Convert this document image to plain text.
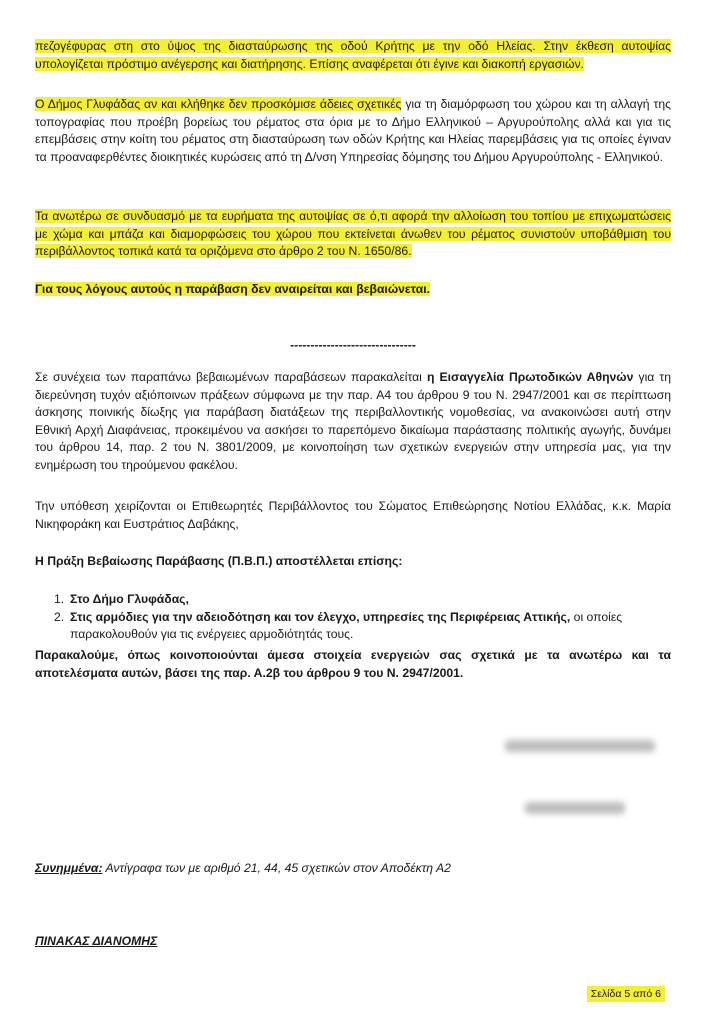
πεζογέφυρας στη στο ύψος της διασταύρωσης της οδού Κρήτης με την οδό Ηλείας. Στην έκθεση αυτοψίας υπολογίζεται πρόστιμο ανέγερσης και διατήρησης. Επίσης αναφέρεται ότι έγινε και διακοπή εργασιών.

Ο Δήμος Γλυφάδας αν και κλήθηκε δεν προσκόμισε άδειες σχετικές για τη διαμόρφωση του χώρου και τη αλλαγή της τοπογραφίας που προέβη βορείως του ρέματος στα όρια με το Δήμο Ελληνικού – Αργυρούπολης αλλά και για τις επεμβάσεις στην κοίτη του ρέματος στη διασταύρωση των οδών Κρήτης και Ηλείας παρεμβάσεις για τις οποίες έγιναν τα προαναφερθέντες διοικητικές κυρώσεις από τη Δ/νση Υπηρεσίας δόμησης του Δήμου Αργυρούπολης - Ελληνικού.

Τα ανωτέρω σε συνδυασμό με τα ευρήματα της αυτοψίας σε ό,τι αφορά την αλλοίωση του τοπίου με επιχωματώσεις με χώμα και μπάζα και διαμορφώσεις του χώρου που εκτείνεται άνωθεν του ρέματος συνιστούν υποβάθμιση του περιβάλλοντος τοπικά κατά τα οριζόμενα στο άρθρο 2 του Ν. 1650/86.

Για τους λόγους αυτούς η παράβαση δεν αναιρείται και βεβαιώνεται.

-------------------------------

Σε συνέχεια των παραπάνω βεβαιωμένων παραβάσεων παρακαλείται η Εισαγγελία Πρωτοδικών Αθηνών για τη διερεύνηση τυχόν αξιόποινων πράξεων σύμφωνα με την παρ. Α4 του άρθρου 9 του Ν. 2947/2001 και σε περίπτωση άσκησης ποινικής δίωξης για παράβαση διατάξεων της περιβαλλοντικής νομοθεσίας, να ανακοινώσει αυτή στην Εθνική Αρχή Διαφάνειας, προκειμένου να ασκήσει το παρεπόμενο δικαίωμα παράστασης πολιτικής αγωγής, δυνάμει του άρθρου 14, παρ. 2 του Ν. 3801/2009, με κοινοποίηση των σχετικών ενεργειών στην υπηρεσία μας, για την ενημέρωση του τηρούμενου φακέλου.

Την υπόθεση χειρίζονται οι Επιθεωρητές Περιβάλλοντος του Σώματος Επιθεώρησης Νοτίου Ελλάδας, κ.κ. Μαρία Νικηφοράκη και Ευστράτιος Δαβάκης,

Η Πράξη Βεβαίωσης Παράβασης (Π.Β.Π.) αποστέλλεται επίσης:

1. Στο Δήμο Γλυφάδας,
2. Στις αρμόδιες για την αδειοδότηση και τον έλεγχο, υπηρεσίες της Περιφέρειας Αττικής, οι οποίες παρακολουθούν για τις ενέργειες αρμοδιότητάς τους.

Παρακαλούμε, όπως κοινοποιούνται άμεσα στοιχεία ενεργειών σας σχετικά με τα ανωτέρω και τα αποτελέσματα αυτών, βάσει της παρ. Α.2β του άρθρου 9 του Ν. 2947/2001.

Συνημμένα: Αντίγραφα των με αριθμό 21, 44, 45 σχετικών στον Αποδέκτη Α2

ΠΙΝΑΚΑΣ ΔΙΑΝΟΜΗΣ

Σελίδα 5 από 6
